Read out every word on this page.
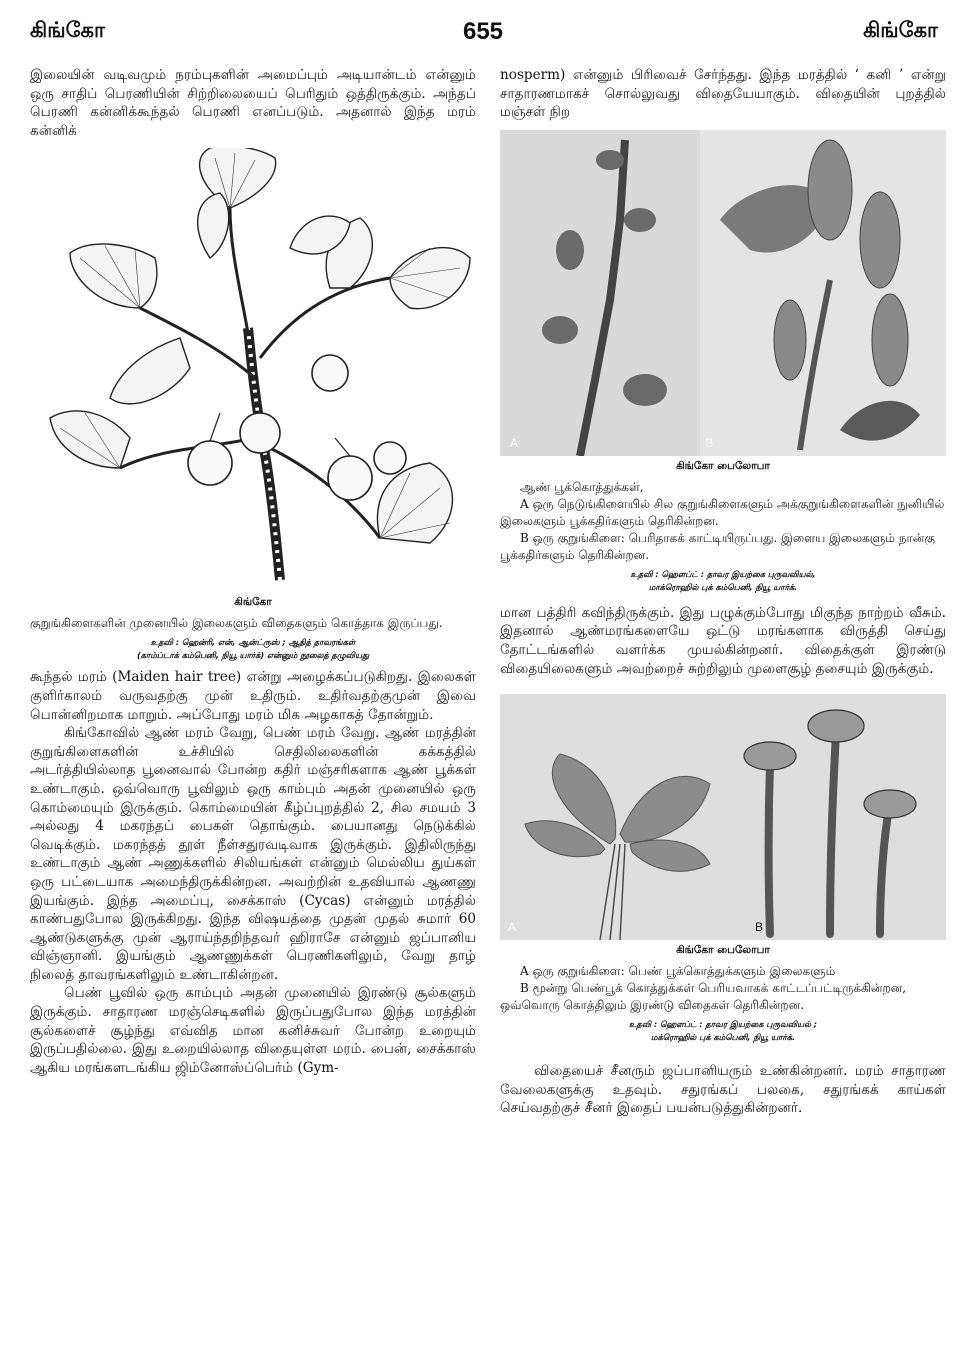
கிங்கோ	655	கிங்கோ

இலையின் வடிவமும் நரம்புகளின் அமைப்பும் அடியான்டம் என்னும் ஒரு சாதிப் பெரணியின் சிற்றிலையைப் பெரிதும் ஒத்திருக்கும். அந்தப் பெரணி கன்னிக்கூந்தல் பெரணி எனப்படும். அதனால் இந்த மரம் கன்னிக்

கிங்கோ

குறுங்கிளைகளின் முனையில் இலைகளும் விதைகளும் கொத்தாக இருப்பது.

உதவி : ஹென்ரி, என், ஆன்ட்ருஸ் ; ஆதித் தாவரங்கள்
(காம்ப்டாக் கம்பெனி, நியூ யார்க்) என்னும் நூலைத் தழுவியது

கூந்தல் மரம் (Maiden hair tree) என்று அழைக்கப்படுகிறது. இலைகள் குளிர்காலம் வருவதற்கு முன் உதிரும். உதிர்வதற்குமுன் இவை பொன்னிறமாக மாறும். அப்போது மரம் மிக அழகாகத் தோன்றும்.

கிங்கோவில் ஆண் மரம் வேறு, பெண் மரம் வேறு. ஆண் மரத்தின் குறுங்கிளைகளின் உச்சியில் செதிலிலைகளின் கக்கத்தில் அடர்த்தியில்லாத பூனைவால் போன்ற கதிர் மஞ்சரிகளாக ஆண் பூக்கள் உண்டாகும். ஒவ்வொரு பூவிலும் ஒரு காம்பும் அதன் முனையில் ஒரு கொம்மையும் இருக்கும். கொம்மையின் கீழ்ப்புறத்தில் 2, சில சமயம் 3 அல்லது 4 மகரந்தப் பைகள் தொங்கும். பையானது நெடுக்கில் வெடிக்கும். மகரந்தத் தூள் நீள்சதுரவடிவாக இருக்கும். இதிலிருந்து உண்டாகும் ஆண் அணுக்களில் சிலியங்கள் என்னும் மெல்லிய துய்கள் ஒரு பட்டையாக அமைந்திருக்கின்றன. அவற்றின் உதவியால் ஆணணு இயங்கும். இந்த அமைப்பு, சைக்காஸ் (Cycas) என்னும் மரத்தில் காண்பதுபோல இருக்கிறது. இந்த விஷயத்தை முதன் முதல் சுமார் 60 ஆண்டுகளுக்கு முன் ஆராய்ந்தறிந்தவர் ஹிராசே என்னும் ஜப்பானிய விஞ்ஞானி. இயங்கும் ஆணணுக்கள் பெரணிகளிலும், வேறு தாழ் நிலைத் தாவரங்களிலும் உண்டாகின்றன.

பெண் பூவில் ஒரு காம்பும் அதன் முனையில் இரண்டு சூல்களும் இருக்கும். சாதாரண மரஞ்செடிகளில் இருப்பதுபோல இந்த மரத்தின் சூல்களைச் சூழ்ந்து எவ்வித மான கனிச்சுவர் போன்ற உறையும் இருப்பதில்லை. இது உறையில்லாத விதையுள்ள மரம். பைன், சைக்காஸ் ஆகிய மரங்களடங்கிய ஜிம்னோஸ்ப்பெர்ம் (Gym-

nosperm) என்னும் பிரிவைச் சேர்ந்தது. இந்த மரத்தில் ‘ கனி ’ என்று சாதாரணமாகச் சொல்லுவது விதையேயாகும். விதையின் புறத்தில் மஞ்சள் நிற

A	B
கிங்கோ பைலோபா

ஆண் பூக்கொத்துக்கள்,

A ஒரு நெடுங்கிளையில் சில குறுங்கிளைகளும் அக்குறுங்கிளைகளின் நுனியில் இலைகளும் பூக்கதிர்களும் தெரிகின்றன.

B ஒரு குறுங்கிளை: பெரிதாகக் காட்டியிருப்பது. இளைய இலைகளும் நான்கு பூக்கதிர்களும் தெரிகின்றன.

உதவி : ஹௌப்ட் : தாவர இயற்கை புருவவியல்,
மாக்ரொஹில் புக் கம்பெனி, நியூ யார்க்.

மான பத்திரி கவிந்திருக்கும். இது பழுக்கும்போது மிகுந்த நாற்றம் வீசும். இதனால் ஆண்மரங்களையே ஒட்டு மரங்களாக விருத்தி செய்து தோட்டங்களில் வளர்க்க முயல்கின்றனர். விதைக்குள் இரண்டு விதையிலைகளும் அவற்றைச் சுற்றிலும் முளைசூழ் தசையும் இருக்கும்.

A	B
கிங்கோ பைலோபா

A ஒரு குறுங்கிளை: பெண் பூக்கொத்துக்களும் இலைகளும்

B மூன்று பெண்பூக் கொத்துக்கள் பெரியவாகக் காட்டப்பட்டிருக்கின்றன, ஒவ்வொரு கொத்திலும் இரண்டு விதைகள் தெரிகின்றன.

உதவி : ஹௌப்ட் : தாவர இயற்கை புருவவியல் ;
மக்ரொஹில் புக் கம்பெனி, நியூ யார்க்.

விதையைச் சீனரும் ஜப்பானியரும் உண்கின்றனர். மரம் சாதாரண வேலைகளுக்கு உதவும். சதுரங்கப் பலகை, சதுரங்கக் காய்கள் செய்வதற்குச் சீனர் இதைப் பயன்படுத்துகின்றனர்.
